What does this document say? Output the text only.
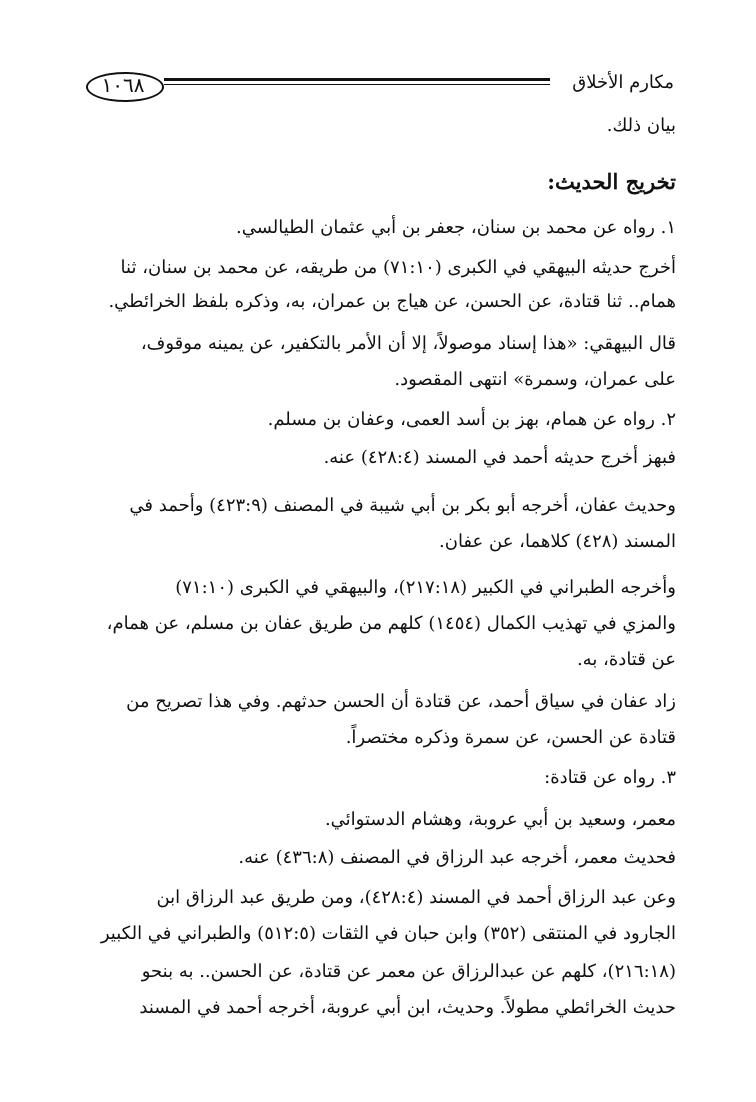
١٠٦٨	مكارم الأخلاق
بيان ذلك.
تخريج الحديث:
١. رواه عن محمد بن سنان، جعفر بن أبي عثمان الطيالسي.
أخرج حديثه البيهقي في الكبرى (٧١:١٠) من طريقه، عن محمد بن سنان، ثنا
همام.. ثنا قتادة، عن الحسن، عن هياج بن عمران، به، وذكره بلفظ الخرائطي.
قال البيهقي: «هذا إسناد موصولاً، إلا أن الأمر بالتكفير، عن يمينه موقوف،
على عمران، وسمرة» انتهى المقصود.
٢. رواه عن همام، بهز بن أسد العمى، وعفان بن مسلم.
فبهز أخرج حديثه أحمد في المسند (٤٢٨:٤) عنه.
وحديث عفان، أخرجه أبو بكر بن أبي شيبة في المصنف (٤٢٣:٩) وأحمد في
المسند (٤٢٨) كلاهما، عن عفان.
وأخرجه الطبراني في الكبير (٢١٧:١٨)، والبيهقي في الكبرى (٧١:١٠)
والمزي في تهذيب الكمال (١٤٥٤) كلهم من طريق عفان بن مسلم، عن همام،
عن قتادة، به.
زاد عفان في سياق أحمد، عن قتادة أن الحسن حدثهم. وفي هذا تصريح من
قتادة عن الحسن، عن سمرة وذكره مختصراً.
٣. رواه عن قتادة:
معمر، وسعيد بن أبي عروبة، وهشام الدستوائي.
فحديث معمر، أخرجه عبد الرزاق في المصنف (٤٣٦:٨) عنه.
وعن عبد الرزاق أحمد في المسند (٤٢٨:٤)، ومن طريق عبد الرزاق ابن
الجارود في المنتقى (٣٥٢) وابن حبان في الثقات (٥١٢:٥) والطبراني في الكبير
(٢١٦:١٨)، كلهم عن عبدالرزاق عن معمر عن قتادة، عن الحسن.. به بنحو
حديث الخرائطي مطولاً. وحديث، ابن أبي عروبة، أخرجه أحمد في المسند
